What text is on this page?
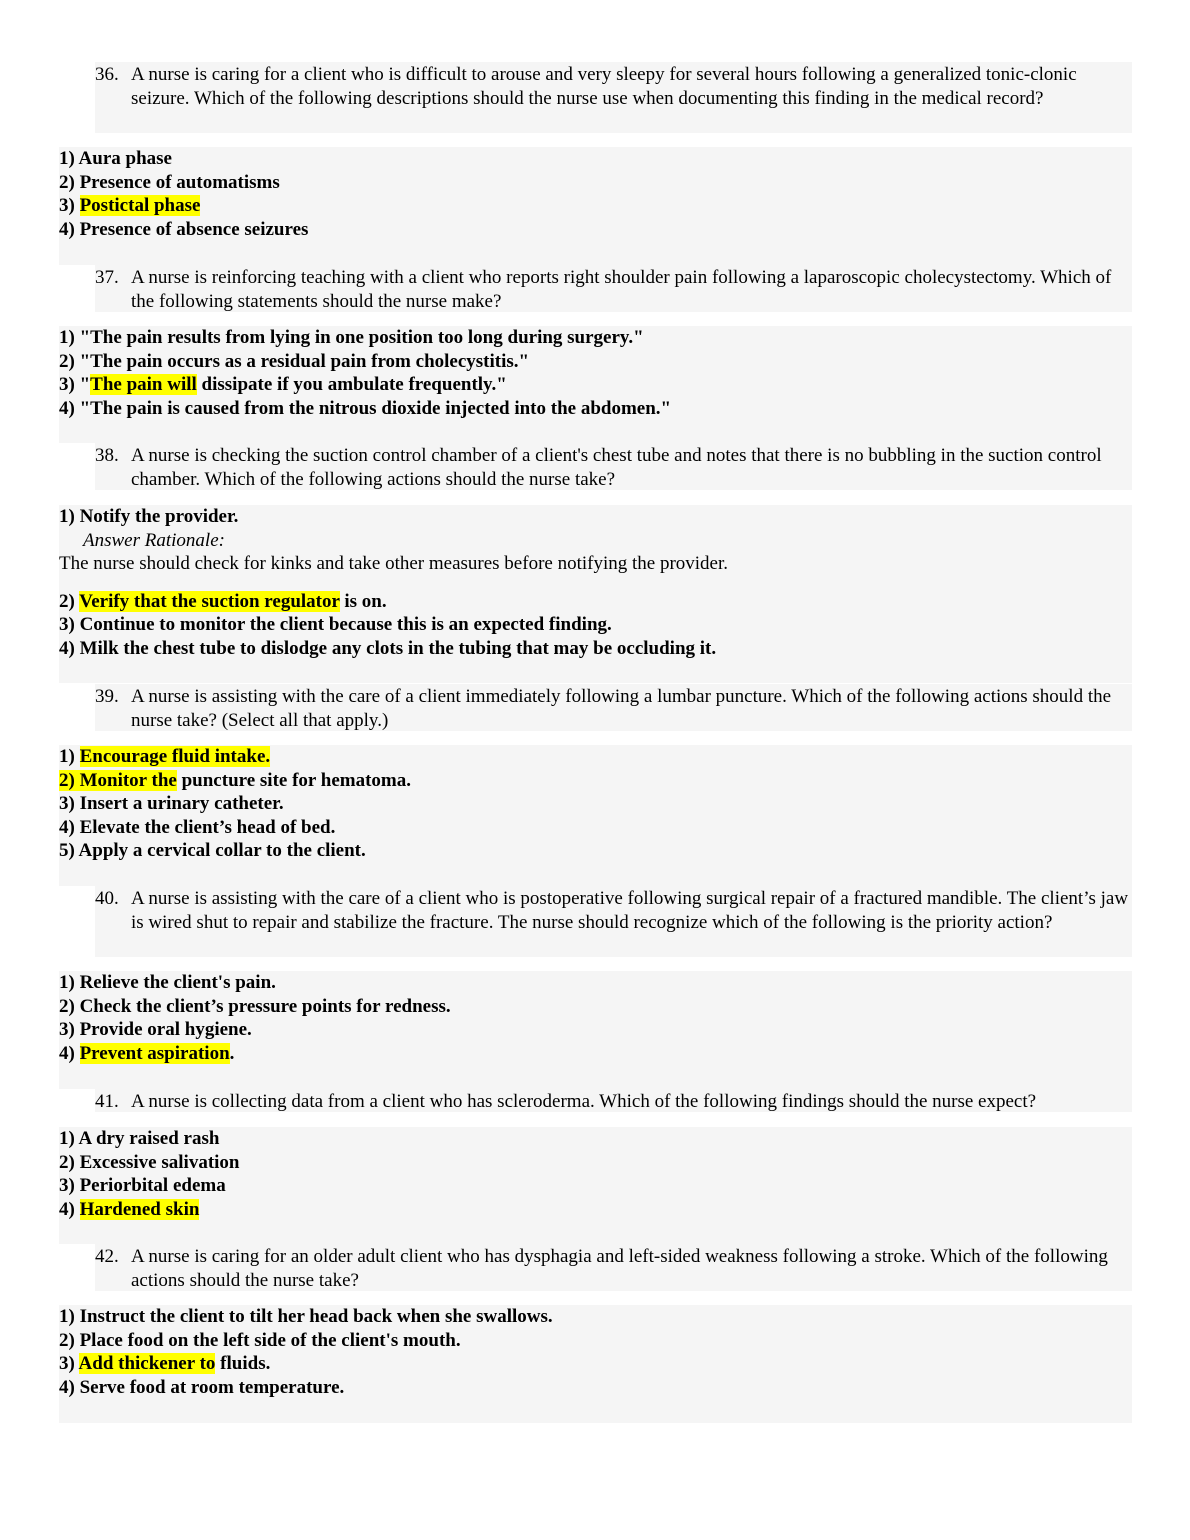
36. A nurse is caring for a client who is difficult to arouse and very sleepy for several hours following a generalized tonic-clonic seizure. Which of the following descriptions should the nurse use when documenting this finding in the medical record?
1) Aura phase
2) Presence of automatisms
3) Postictal phase
4) Presence of absence seizures
37. A nurse is reinforcing teaching with a client who reports right shoulder pain following a laparoscopic cholecystectomy. Which of the following statements should the nurse make?
1) "The pain results from lying in one position too long during surgery."
2) "The pain occurs as a residual pain from cholecystitis."
3) "The pain will dissipate if you ambulate frequently."
4) "The pain is caused from the nitrous dioxide injected into the abdomen."
38. A nurse is checking the suction control chamber of a client's chest tube and notes that there is no bubbling in the suction control chamber. Which of the following actions should the nurse take?
1) Notify the provider.
Answer Rationale:
The nurse should check for kinks and take other measures before notifying the provider.
2) Verify that the suction regulator is on.
3) Continue to monitor the client because this is an expected finding.
4) Milk the chest tube to dislodge any clots in the tubing that may be occluding it.
39. A nurse is assisting with the care of a client immediately following a lumbar puncture. Which of the following actions should the nurse take? (Select all that apply.)
1) Encourage fluid intake.
2) Monitor the puncture site for hematoma.
3) Insert a urinary catheter.
4) Elevate the client’s head of bed.
5) Apply a cervical collar to the client.
40. A nurse is assisting with the care of a client who is postoperative following surgical repair of a fractured mandible. The client’s jaw is wired shut to repair and stabilize the fracture. The nurse should recognize which of the following is the priority action?
1) Relieve the client's pain.
2) Check the client’s pressure points for redness.
3) Provide oral hygiene.
4) Prevent aspiration.
41. A nurse is collecting data from a client who has scleroderma. Which of the following findings should the nurse expect?
1) A dry raised rash
2) Excessive salivation
3) Periorbital edema
4) Hardened skin
42. A nurse is caring for an older adult client who has dysphagia and left-sided weakness following a stroke. Which of the following actions should the nurse take?
1) Instruct the client to tilt her head back when she swallows.
2) Place food on the left side of the client's mouth.
3) Add thickener to fluids.
4) Serve food at room temperature.
